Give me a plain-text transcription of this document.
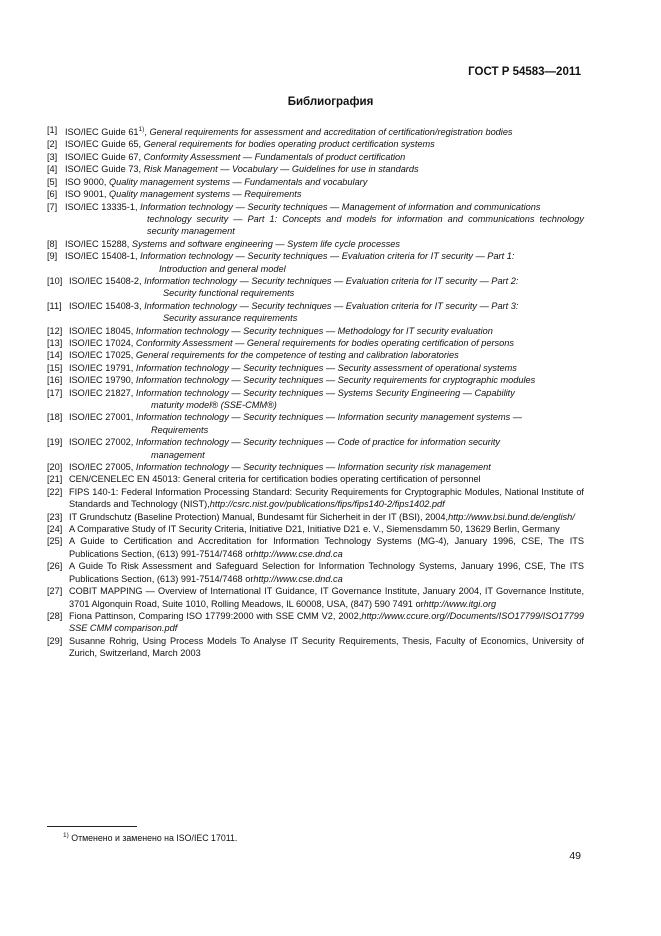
ГОСТ Р 54583—2011
Библиография
[1] ISO/IEC Guide 61$^{1)}$, General requirements for assessment and accreditation of certification/registration bodies
[2] ISO/IEC Guide 65, General requirements for bodies operating product certification systems
[3] ISO/IEC Guide 67, Conformity Assessment — Fundamentals of product certification
[4] ISO/IEC Guide 73, Risk Management — Vocabulary — Guidelines for use in standards
[5] ISO 9000, Quality management systems — Fundamentals and vocabulary
[6] ISO 9001, Quality management systems — Requirements
[7] ISO/IEC 13335-1, Information technology — Security techniques — Management of information and communications
technology security — Part 1: Concepts and models for information and communications technology security management
[8] ISO/IEC 15288, Systems and software engineering — System life cycle processes
[9] ISO/IEC 15408-1, Information technology — Security techniques — Evaluation criteria for IT security — Part 1:
Introduction and general model
[10] ISO/IEC 15408-2, Information technology — Security techniques — Evaluation criteria for IT security — Part 2:
Security functional requirements
[11] ISO/IEC 15408-3, Information technology — Security techniques — Evaluation criteria for IT security — Part 3:
Security assurance requirements
[12] ISO/IEC 18045, Information technology — Security techniques — Methodology for IT security evaluation
[13] ISO/IEC 17024, Conformity Assessment — General requirements for bodies operating certification of persons
[14] ISO/IEC 17025, General requirements for the competence of testing and calibration laboratories
[15] ISO/IEC 19791, Information technology — Security techniques — Security assessment of operational systems
[16] ISO/IEC 19790, Information technology — Security techniques — Security requirements for cryptographic modules
[17] ISO/IEC 21827, Information technology — Security techniques — Systems Security Engineering — Capability
maturity model® (SSE-CMM®)
[18] ISO/IEC 27001, Information technology — Security techniques — Information security management systems —
Requirements
[19] ISO/IEC 27002, Information technology — Security techniques — Code of practice for information security
management
[20] ISO/IEC 27005, Information technology — Security techniques — Information security risk management
[21] CEN/CENELEC EN 45013: General criteria for certification bodies operating certification of personnel
[22] FIPS 140-1: Federal Information Processing Standard: Security Requirements for Cryptographic Modules, National Institute of Standards and Technology (NIST),http://csrc.nist.gov/publications/fips/fips140-2/fips1402.pdf
[23] IT Grundschutz (Baseline Protection) Manual, Bundesamt für Sicherheit in der IT (BSI), 2004,http://www.bsi.bund.de/english/
[24] A Comparative Study of IT Security Criteria, Initiative D21, Initiative D21 e. V., Siemensdamm 50, 13629 Berlin, Germany
[25] A Guide to Certification and Accreditation for Information Technology Systems (MG-4), January 1996, CSE, The ITS Publications Section, (613) 991-7514/7468 orhttp://www.cse.dnd.ca
[26] A Guide To Risk Assessment and Safeguard Selection for Information Technology Systems, January 1996, CSE, The ITS Publications Section, (613) 991-7514/7468 orhttp://www.cse.dnd.ca
[27] COBIT MAPPING — Overview of International IT Guidance, IT Governance Institute, January 2004, IT Governance Institute, 3701 Algonquin Road, Suite 1010, Rolling Meadows, IL 60008, USA, (847) 590 7491 orhttp://www.itgi.org
[28] Fiona Pattinson, Comparing ISO 17799:2000 with SSE CMM V2, 2002,http://www.ccure.org//Documents/ISO17799/ISO17799 SSE CMM comparison.pdf
[29] Susanne Rohrig, Using Process Models To Analyse IT Security Requirements, Thesis, Faculty of Economics, University of Zurich, Switzerland, March 2003
$^{1)}$ Отменено и заменено на ISO/IEC 17011.
49
